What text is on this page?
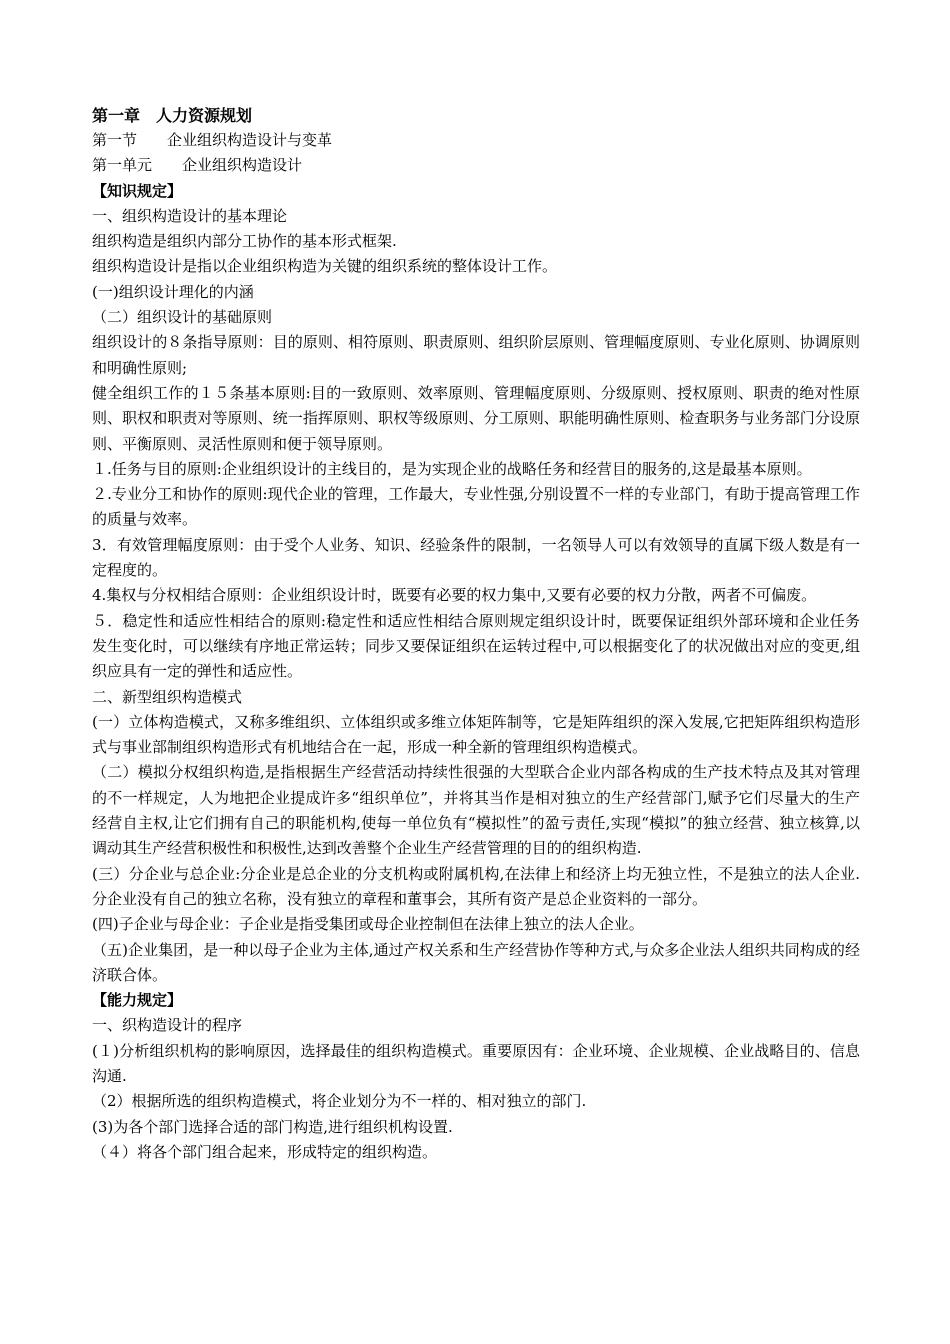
第一章　人力资源规划

第一节　　企业组织构造设计与变革

第一单元　　企业组织构造设计

【知识规定】

一、组织构造设计的基本理论

组织构造是组织内部分工协作的基本形式框架.

组织构造设计是指以企业组织构造为关键的组织系统的整体设计工作。

(一)组织设计理化的内涵

（二）组织设计的基础原则

组织设计的８条指导原则：目的原则、相符原则、职责原则、组织阶层原则、管理幅度原则、专业化原则、协调原则和明确性原则;

健全组织工作的１５条基本原则:目的一致原则、效率原则、管理幅度原则、分级原则、授权原则、职责的绝对性原则、职权和职责对等原则、统一指挥原则、职权等级原则、分工原则、职能明确性原则、检查职务与业务部门分设原则、平衡原则、灵活性原则和便于领导原则。

１.任务与目的原则:企业组织设计的主线目的，是为实现企业的战略任务和经营目的服务的,这是最基本原则。

２.专业分工和协作的原则:现代企业的管理，工作最大，专业性强,分别设置不一样的专业部门，有助于提高管理工作的质量与效率。

3．有效管理幅度原则：由于受个人业务、知识、经验条件的限制，一名领导人可以有效领导的直属下级人数是有一定程度的。

4.集权与分权相结合原则：企业组织设计时，既要有必要的权力集中,又要有必要的权力分散，两者不可偏废。

５．稳定性和适应性相结合的原则:稳定性和适应性相结合原则规定组织设计时，既要保证组织外部环境和企业任务发生变化时，可以继续有序地正常运转；同步又要保证组织在运转过程中,可以根据变化了的状况做出对应的变更,组织应具有一定的弹性和适应性。

二、新型组织构造模式

(一）立体构造模式，又称多维组织、立体组织或多维立体矩阵制等，它是矩阵组织的深入发展,它把矩阵组织构造形式与事业部制组织构造形式有机地结合在一起，形成一种全新的管理组织构造模式。

（二）模拟分权组织构造,是指根据生产经营活动持续性很强的大型联合企业内部各构成的生产技术特点及其对管理的不一样规定，人为地把企业提成许多“组织单位”，并将其当作是相对独立的生产经营部门,赋予它们尽量大的生产经营自主权,让它们拥有自己的职能机构,使每一单位负有“模拟性”的盈亏责任,实现“模拟”的独立经营、独立核算,以调动其生产经营积极性和积极性,达到改善整个企业生产经营管理的目的的组织构造.

(三）分企业与总企业:分企业是总企业的分支机构或附属机构,在法律上和经济上均无独立性，不是独立的法人企业.分企业没有自己的独立名称，没有独立的章程和董事会，其所有资产是总企业资料的一部分。

(四)子企业与母企业：子企业是指受集团或母企业控制但在法律上独立的法人企业。

（五)企业集团，是一种以母子企业为主体,通过产权关系和生产经营协作等种方式,与众多企业法人组织共同构成的经济联合体。

【能力规定】

一、织构造设计的程序

(１)分析组织机构的影响原因，选择最佳的组织构造模式。重要原因有：企业环境、企业规模、企业战略目的、信息沟通.

（2）根据所选的组织构造模式，将企业划分为不一样的、相对独立的部门.

(3)为各个部门选择合适的部门构造,进行组织机构设置.

（４）将各个部门组合起来，形成特定的组织构造。
